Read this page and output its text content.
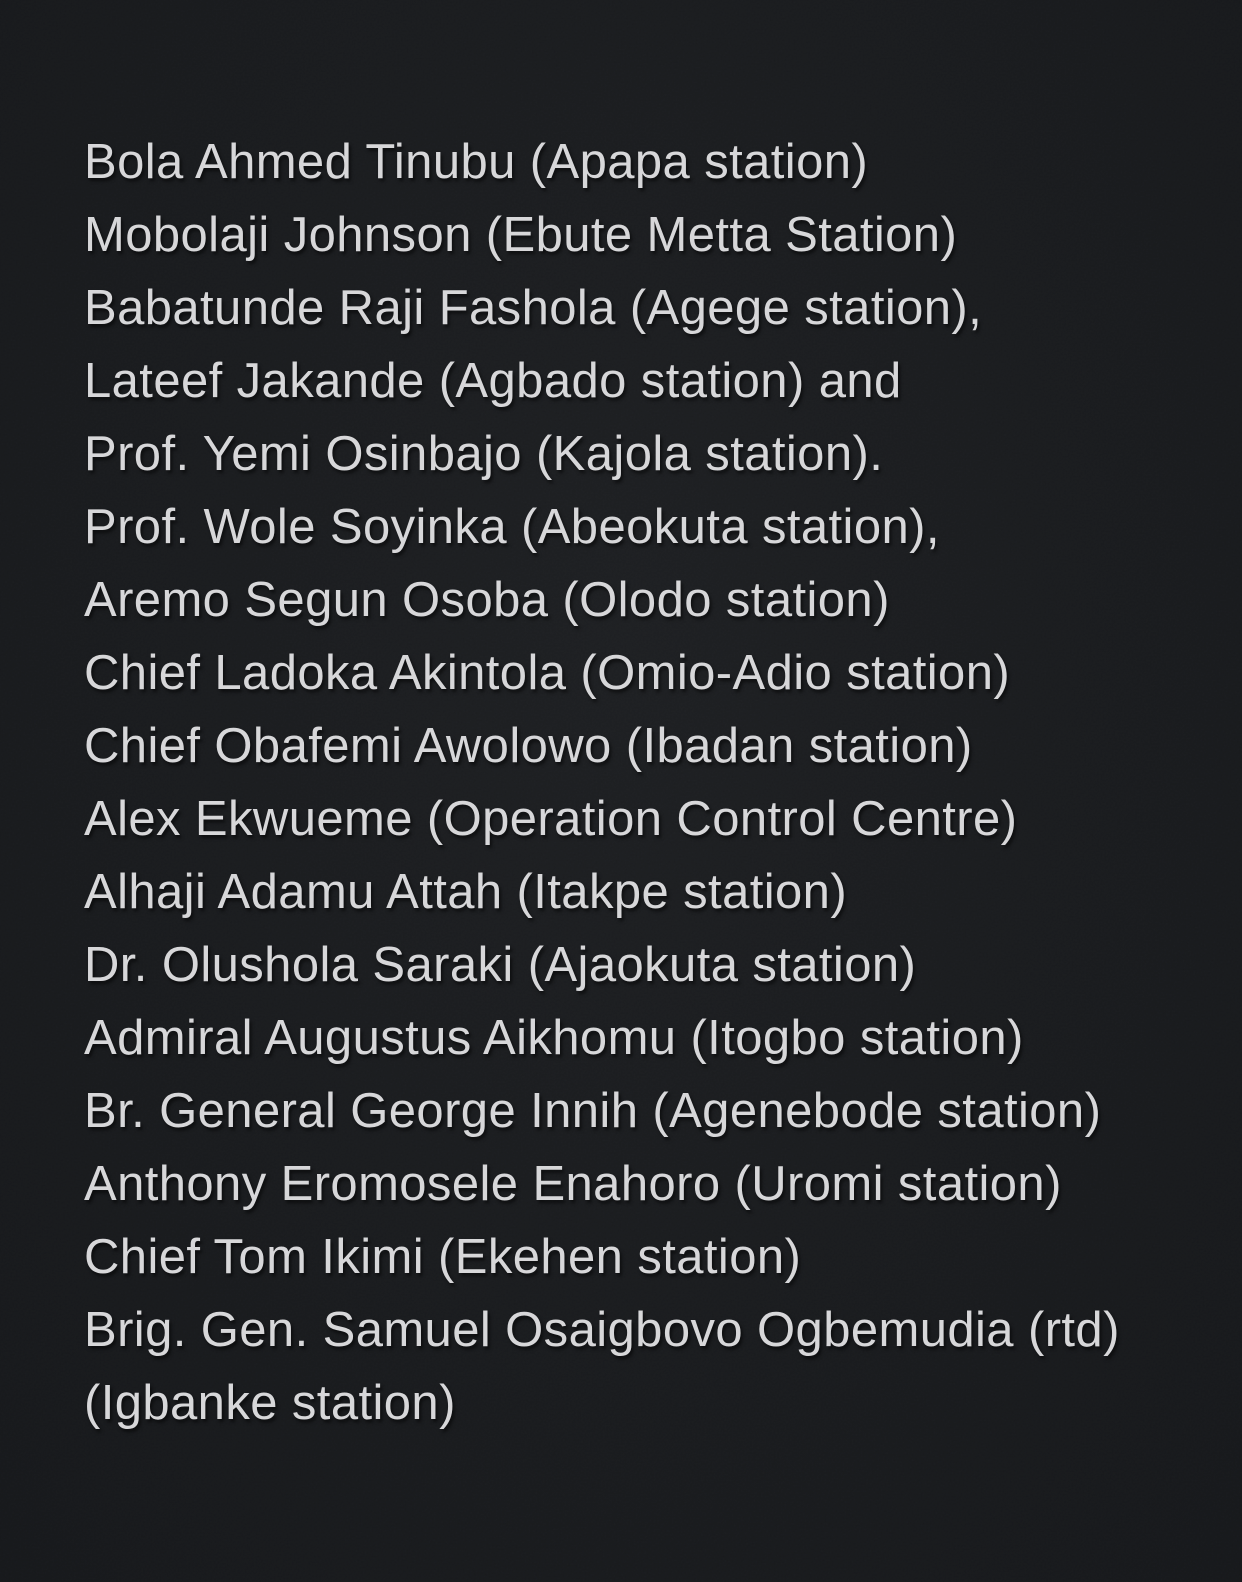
Bola Ahmed Tinubu (Apapa station)

Mobolaji Johnson (Ebute Metta Station)

Babatunde Raji Fashola (Agege station),

Lateef Jakande (Agbado station) and

Prof. Yemi Osinbajo (Kajola station).

Prof. Wole Soyinka (Abeokuta station),

Aremo Segun Osoba (Olodo station)

Chief Ladoka Akintola (Omio-Adio station)

Chief Obafemi Awolowo (Ibadan station)

Alex Ekwueme (Operation Control Centre)

Alhaji Adamu Attah (Itakpe station)

Dr. Olushola Saraki (Ajaokuta station)

Admiral Augustus Aikhomu (Itogbo station)

Br. General George Innih (Agenebode station)

Anthony Eromosele Enahoro (Uromi station)

Chief Tom Ikimi (Ekehen station)

Brig. Gen. Samuel Osaigbovo Ogbemudia (rtd)

(Igbanke station)
